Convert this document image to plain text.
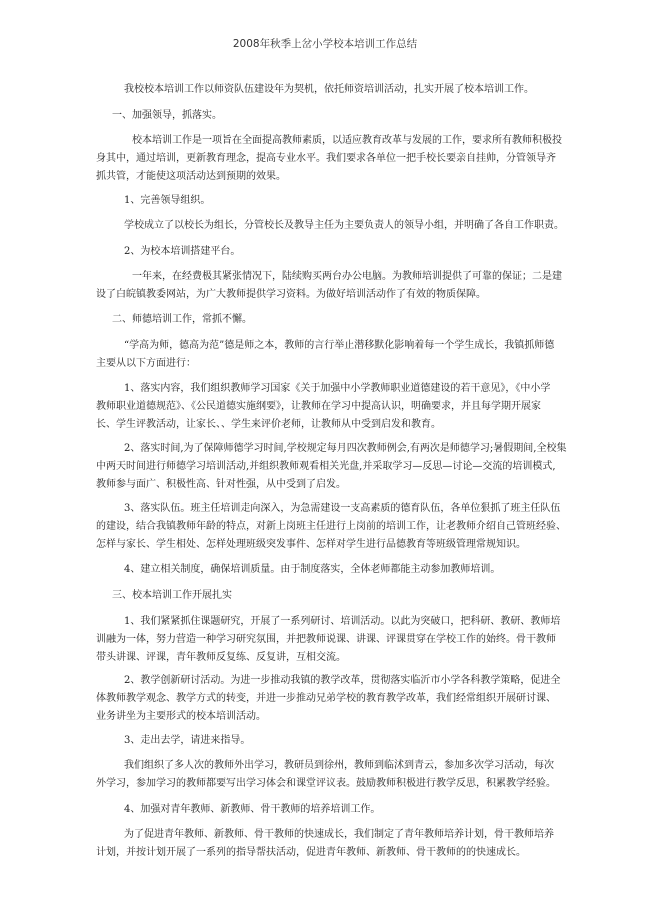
2008年秋季上岔小学校本培训工作总结

我校校本培训工作以师资队伍建设年为契机，依托师资培训活动，扎实开展了校本培训工作。

一、加强领导，抓落实。

校本培训工作是一项旨在全面提高教师素质，以适应教育改革与发展的工作，要求所有教师积极投
身其中，通过培训，更新教育理念，提高专业水平。我们要求各单位一把手校长要亲自挂帅，分管领导齐
抓共管，才能使这项活动达到预期的效果。

1、完善领导组织。

学校成立了以校长为组长，分管校长及教导主任为主要负责人的领导小组，并明确了各自工作职责。

2、为校本培训搭建平台。

一年来，在经费极其紧张情况下，陆续购买两台办公电脑。为教师培训提供了可靠的保证；二是建
设了白皖镇教委网站，为广大教师提供学习资料。为做好培训活动作了有效的物质保障。

二、师德培训工作，常抓不懈。

“学高为师，德高为范”德是师之本，教师的言行举止潜移默化影响着每一个学生成长，我镇抓师德
主要从以下方面进行：

1、落实内容，我们组织教师学习国家《关于加强中小学教师职业道德建设的若干意见》，《中小学
教师职业道德规范》、《公民道德实施纲要》，让教师在学习中提高认识，明确要求，并且每学期开展家
长、学生评教活动，让家长、、学生来评价老师，让教师从中受到启发和教育。

2、落实时间,为了保障师德学习时间,学校规定每月四次教师例会,有两次是师德学习;暑假期间,全校集
中两天时间进行师德学习培训活动,并组织教师观看相关光盘,并采取学习—反思—讨论—交流的培训模式,
教师参与面广、积极性高、针对性强，从中受到了启发。

3、落实队伍。班主任培训走向深入，为急需建设一支高素质的德育队伍，各单位狠抓了班主任队伍
的建设，结合我镇教师年龄的特点，对新上岗班主任进行上岗前的培训工作，让老教师介绍自己管班经验、
怎样与家长、学生相处、怎样处理班级突发事件、怎样对学生进行品德教育等班级管理常规知识。

4、建立相关制度，确保培训质量。由于制度落实，全体老师都能主动参加教师培训。

三、校本培训工作开展扎实

1、我们紧紧抓住课题研究，开展了一系列研讨、培训活动。以此为突破口，把科研、教研、教师培
训融为一体，努力营造一种学习研究氛围，并把教师说课、讲课、评课贯穿在学校工作的始终。骨干教师
带头讲课、评课，青年教师反复练、反复讲，互相交流。

2、教学创新研讨活动。为进一步推动我镇的教学改革，贯彻落实临沂市小学各科教学策略，促进全
体教师教学观念、教学方式的转变，并进一步推动兄弟学校的教育教学改革，我们经常组织开展研讨课、
业务讲坐为主要形式的校本培训活动。

3、走出去学，请进来指导。

我们组织了多人次的教师外出学习，教研员到徐州，教师到临沭到青云，参加多次学习活动，每次
外学习，参加学习的教师都要写出学习体会和课堂评议表。鼓励教师积极进行教学反思，积累教学经验。

4、加强对青年教师、新教师、骨干教师的培养培训工作。

为了促进青年教师、新教师、骨干教师的快速成长，我们制定了青年教师培养计划，骨干教师培养
计划，并按计划开展了一系列的指导帮扶活动，促进青年教师、新教师、骨干教师的的快速成长。
